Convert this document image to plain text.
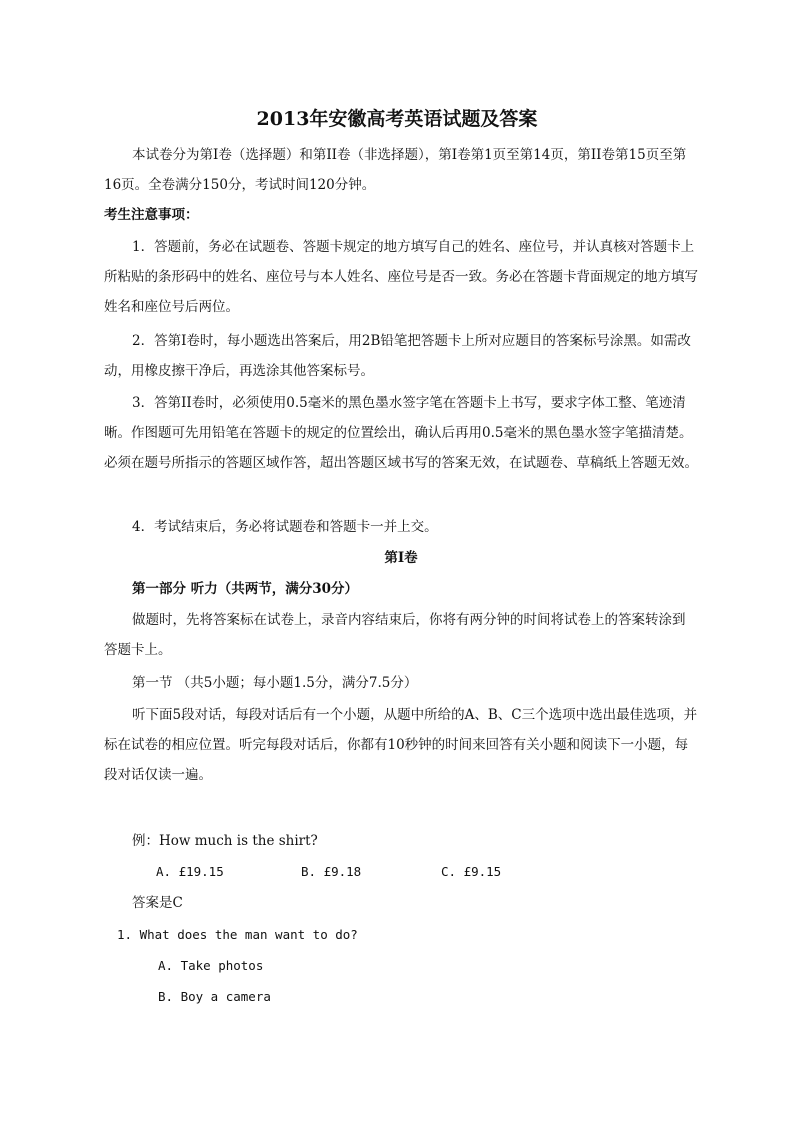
2013年安徽高考英语试题及答案

本试卷分为第Ⅰ卷（选择题）和第II卷（非选择题），第Ⅰ卷第1页至第14页，第II卷第15页至第16页。全卷满分150分，考试时间120分钟。

考生注意事项：

1．答题前，务必在试题卷、答题卡规定的地方填写自己的姓名、座位号，并认真核对答题卡上所粘贴的条形码中的姓名、座位号与本人姓名、座位号是否一致。务必在答题卡背面规定的地方填写姓名和座位号后两位。

2．答第Ⅰ卷时，每小题选出答案后，用2B铅笔把答题卡上所对应题目的答案标号涂黑。如需改动，用橡皮擦干净后，再选涂其他答案标号。

3．答第II卷时，必须使用0.5毫米的黑色墨水签字笔在答题卡上书写，要求字体工整、笔迹清晰。作图题可先用铅笔在答题卡的规定的位置绘出，确认后再用0.5毫米的黑色墨水签字笔描清楚。必须在题号所指示的答题区域作答，超出答题区域书写的答案无效，在试题卷、草稿纸上答题无效。

4．考试结束后，务必将试题卷和答题卡一并上交。

第Ⅰ卷

第一部分 听力（共两节，满分30分）

做题时，先将答案标在试卷上，录音内容结束后，你将有两分钟的时间将试卷上的答案转涂到答题卡上。

第一节 （共5小题；每小题1.5分，满分7.5分）

听下面5段对话，每段对话后有一个小题，从题中所给的A、B、C三个选项中选出最佳选项，并标在试卷的相应位置。听完每段对话后，你都有10秒钟的时间来回答有关小题和阅读下一小题，每段对话仅读一遍。

例：How much is the shirt?

A. £19.15	B. £9.18	C. £9.15

答案是C

1. What does the man want to do?
A. Take photos
B. Boy a camera
